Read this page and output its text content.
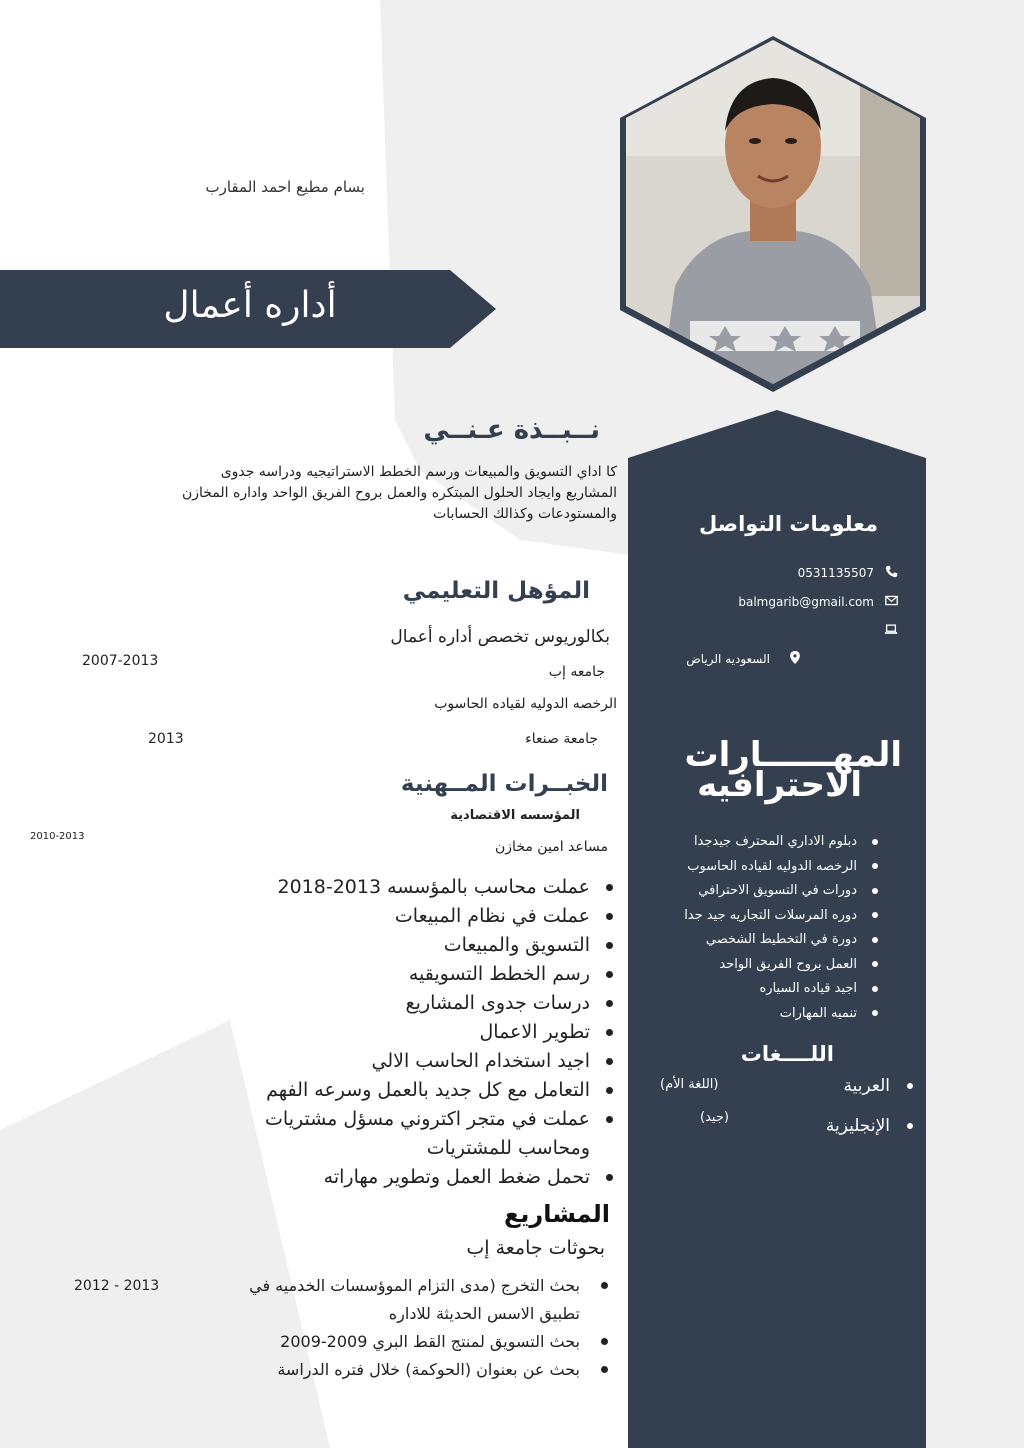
بسام مطيع احمد المقارب
أداره أعمال
نــبــذة عـنــي
كا اداي التسويق والمبيعات ورسم الخطط الاستراتيجيه ودراسه جدوى
المشاريع وايجاد الحلول المبتكره والعمل بروح الفريق الواحد واداره المخازن
والمستودعات وكذالك الحسابات
المؤهل التعليمي
بكالوريوس تخصص أداره أعمال
2007-2013
جامعه إب
الرخصه الدوليه لقياده الحاسوب
2013	جامعة صنعاء
الخبــرات المــهنية
المؤسسه الاقتصادية
2010-2013
مساعد امين مخازن
عملت محاسب بالمؤسسه 2013-2018
عملت في نظام المبيعات
التسويق والمبيعات
رسم الخطط التسويقيه
درسات جدوى المشاريع
تطوير الاعمال
اجيد استخدام الحاسب الالي
التعامل مع كل جديد بالعمل وسرعه الفهم
عملت في متجر اكتروني مسؤل مشتريات
ومحاسب للمشتريات
تحمل ضغط العمل وتطوير مهاراته
المشاريع
بحوثات جامعة إب
بحث التخرج (مدى التزام الموؤسسات الخدميه في
تطبيق الاسس الحديثة للاداره
بحث التسويق لمنتج القط البري 2009-2009
بحث عن بعنوان (الحوكمة) خلال فتره الدراسة
2012 - 2013
معلومات التواصل
0531135507
balmgarib@gmail.com
السعوديه الرياض
المهــــــارات
الاحترافيه
دبلوم الاداري المحترف جيدجدا
الرخصه الدوليه لقياده الحاسوب
دورات في التسويق الاحترافي
دوره المرسلات التجاريه جيد جدا
دورة في التخطيط الشخصي
العمل بروح الفريق الواحد
اجيد قياده السياره
تنميه المهارات
اللــــغات
العربية
(اللغة الأم)
الإنجليزية
(جيد)
